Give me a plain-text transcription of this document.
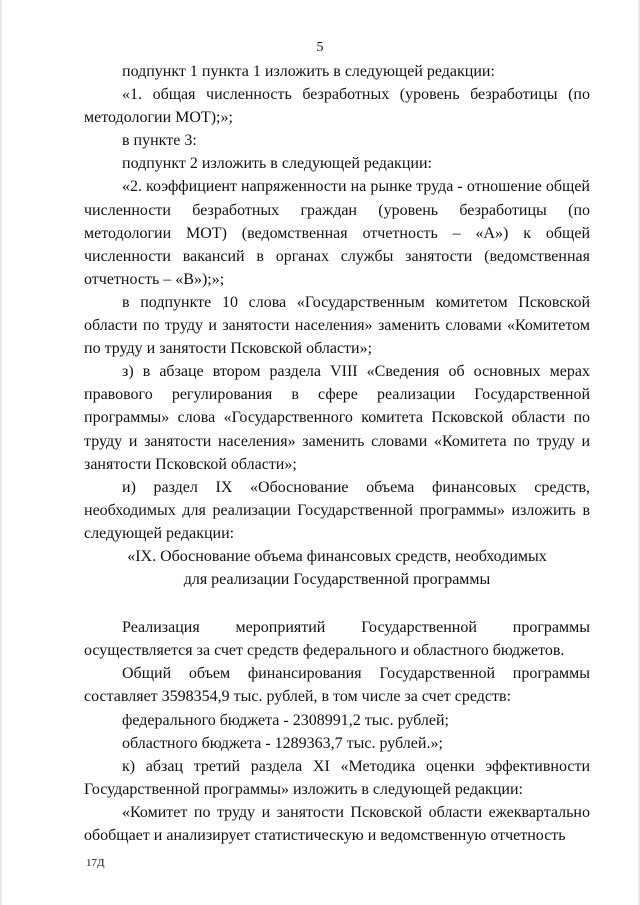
5

подпункт 1 пункта 1 изложить в следующей редакции:

«1. общая численность безработных (уровень безработицы (по методологии МОТ);»;

в пункте 3:

подпункт 2 изложить в следующей редакции:

«2. коэффициент напряженности на рынке труда - отношение общей численности безработных граждан (уровень безработицы (по методологии МОТ) (ведомственная отчетность – «А») к общей численности вакансий в органах службы занятости (ведомственная отчетность – «В»);»;

в подпункте 10 слова «Государственным комитетом Псковской области по труду и занятости населения» заменить словами «Комитетом по труду и занятости Псковской области»;

з) в абзаце втором раздела VIII «Сведения об основных мерах правового регулирования в сфере реализации Государственной программы» слова «Государственного комитета Псковской области по труду и занятости населения» заменить словами «Комитета по труду и занятости Псковской области»;

и) раздел IX «Обоснование объема финансовых средств, необходимых для реализации Государственной программы» изложить в следующей редакции:

«IX. Обоснование объема финансовых средств, необходимых

для реализации Государственной программы

Реализация мероприятий Государственной программы осуществляется за счет средств федерального и областного бюджетов.

Общий объем финансирования Государственной программы составляет 3598354,9 тыс. рублей, в том числе за счет средств:

федерального бюджета - 2308991,2 тыс. рублей;

областного бюджета - 1289363,7 тыс. рублей.»;

к) абзац третий раздела XI «Методика оценки эффективности Государственной программы» изложить в следующей редакции:

«Комитет по труду и занятости Псковской области ежеквартально обобщает и анализирует статистическую и ведомственную отчетность

17Д
